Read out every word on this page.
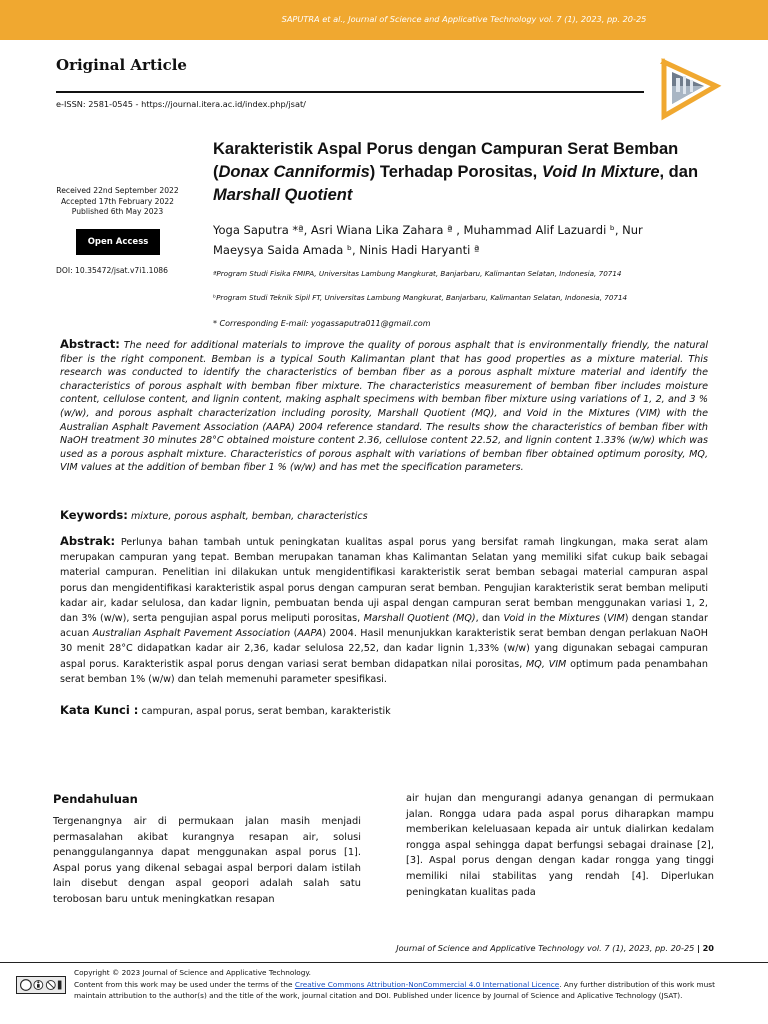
SAPUTRA et al., Journal of Science and Applicative Technology vol. 7 (1), 2023, pp. 20-25
Original Article
e-ISSN: 2581-0545 - https://journal.itera.ac.id/index.php/jsat/
Karakteristik Aspal Porus dengan Campuran Serat Bemban (Donax Canniformis) Terhadap Porositas, Void In Mixture, dan Marshall Quotient
Received 22nd September 2022
Accepted 17th February 2022
Published 6th May 2023
Open Access
DOI: 10.35472/jsat.v7i1.1086
Yoga Saputra *ª, Asri Wiana Lika Zahara ª , Muhammad Alif Lazuardi ᵇ, Nur
Maeysya Saida Amada ᵇ, Ninis Hadi Haryanti ª
ªProgram Studi Fisika FMIPA, Universitas Lambung Mangkurat, Banjarbaru, Kalimantan Selatan, Indonesia, 70714
ᵇProgram Studi Teknik Sipil FT, Universitas Lambung Mangkurat, Banjarbaru, Kalimantan Selatan, Indonesia, 70714
* Corresponding E-mail: yogassaputra011@gmail.com
Abstract: The need for additional materials to improve the quality of porous asphalt that is environmentally friendly, the natural fiber is the right component. Bemban is a typical South Kalimantan plant that has good properties as a mixture material. This research was conducted to identify the characteristics of bemban fiber as a porous asphalt mixture material and identify the characteristics of porous asphalt with bemban fiber mixture. The characteristics measurement of bemban fiber includes moisture content, cellulose content, and lignin content, making asphalt specimens with bemban fiber mixture using variations of 1, 2, and 3 % (w/w), and porous asphalt characterization including porosity, Marshall Quotient (MQ), and Void in the Mixtures (VIM) with the Australian Asphalt Pavement Association (AAPA) 2004 reference standard. The results show the characteristics of bemban fiber with NaOH treatment 30 minutes 28°C obtained moisture content 2.36, cellulose content 22.52, and lignin content 1.33% (w/w) which was used as a porous asphalt mixture. Characteristics of porous asphalt with variations of bemban fiber obtained optimum porosity, MQ, VIM values at the addition of bemban fiber 1 % (w/w) and has met the specification parameters.
Keywords: mixture, porous asphalt, bemban, characteristics
Abstrak: Perlunya bahan tambah untuk peningkatan kualitas aspal porus yang bersifat ramah lingkungan, maka serat alam merupakan campuran yang tepat. Bemban merupakan tanaman khas Kalimantan Selatan yang memiliki sifat cukup baik sebagai material campuran. Penelitian ini dilakukan untuk mengidentifikasi karakteristik serat bemban sebagai material campuran aspal porus dan mengidentifikasi karakteristik aspal porus dengan campuran serat bemban. Pengujian karakteristik serat bemban meliputi kadar air, kadar selulosa, dan kadar lignin, pembuatan benda uji aspal dengan campuran serat bemban menggunakan variasi 1, 2, dan 3% (w/w), serta pengujian aspal porus meliputi porositas, Marshall Quotient (MQ), dan Void in the Mixtures (VIM) dengan standar acuan Australian Asphalt Pavement Association (AAPA) 2004. Hasil menunjukkan karakteristik serat bemban dengan perlakuan NaOH 30 menit 28°C didapatkan kadar air 2,36, kadar selulosa 22,52, dan kadar lignin 1,33% (w/w) yang digunakan sebagai campuran aspal porus. Karakteristik aspal porus dengan variasi serat bemban didapatkan nilai porositas, MQ, VIM optimum pada penambahan serat bemban 1% (w/w) dan telah memenuhi parameter spesifikasi.
Kata Kunci : campuran, aspal porus, serat bemban, karakteristik
Pendahuluan
Tergenangnya air di permukaan jalan masih menjadi permasalahan akibat kurangnya resapan air, solusi penanggulangannya dapat menggunakan aspal porus [1]. Aspal porus yang dikenal sebagai aspal berpori dalam istilah lain disebut dengan aspal geopori adalah salah satu terobosan baru untuk meningkatkan resapan
air hujan dan mengurangi adanya genangan di permukaan jalan. Rongga udara pada aspal porus diharapkan mampu memberikan keleluasaan kepada air untuk dialirkan kedalam rongga aspal sehingga dapat berfungsi sebagai drainase [2], [3]. Aspal porus dengan dengan kadar rongga yang tinggi memiliki nilai stabilitas yang rendah [4]. Diperlukan peningkatan kualitas pada
Journal of Science and Applicative Technology vol. 7 (1), 2023, pp. 20-25 | 20
Copyright © 2023 Journal of Science and Applicative Technology.
Content from this work may be used under the terms of the Creative Commons Attribution-NonCommercial 4.0 International Licence. Any further distribution of this work must maintain attribution to the author(s) and the title of the work, journal citation and DOI. Published under licence by Journal of Science and Aplicative Technology (JSAT).
